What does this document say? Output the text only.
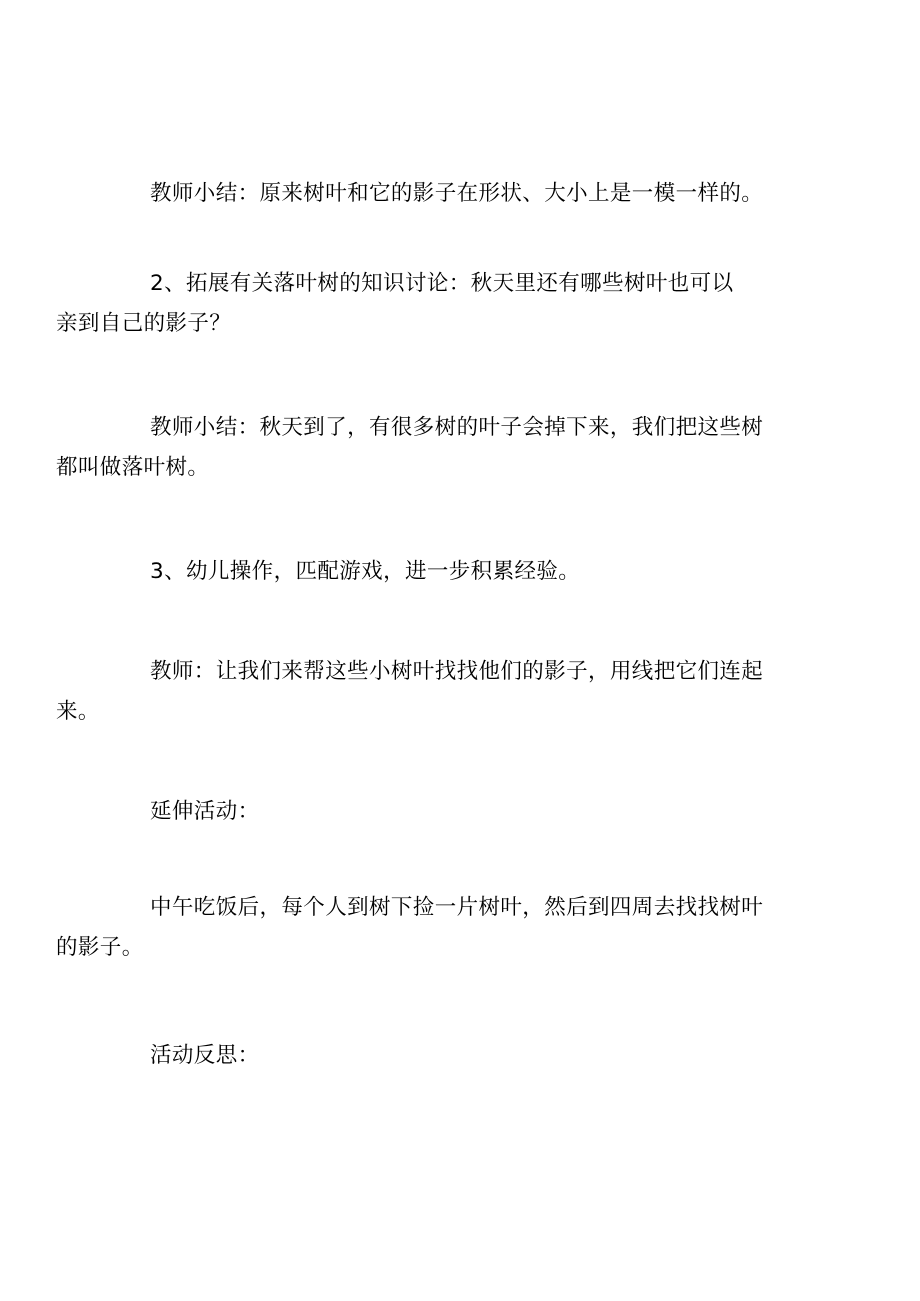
教师小结：原来树叶和它的影子在形状、大小上是一模一样的。

2、拓展有关落叶树的知识讨论：秋天里还有哪些树叶也可以
亲到自己的影子？

教师小结：秋天到了，有很多树的叶子会掉下来，我们把这些树
都叫做落叶树。

3、幼儿操作，匹配游戏，进一步积累经验。

教师：让我们来帮这些小树叶找找他们的影子，用线把它们连起
来。

延伸活动：

中午吃饭后，每个人到树下捡一片树叶，然后到四周去找找树叶
的影子。

活动反思：
